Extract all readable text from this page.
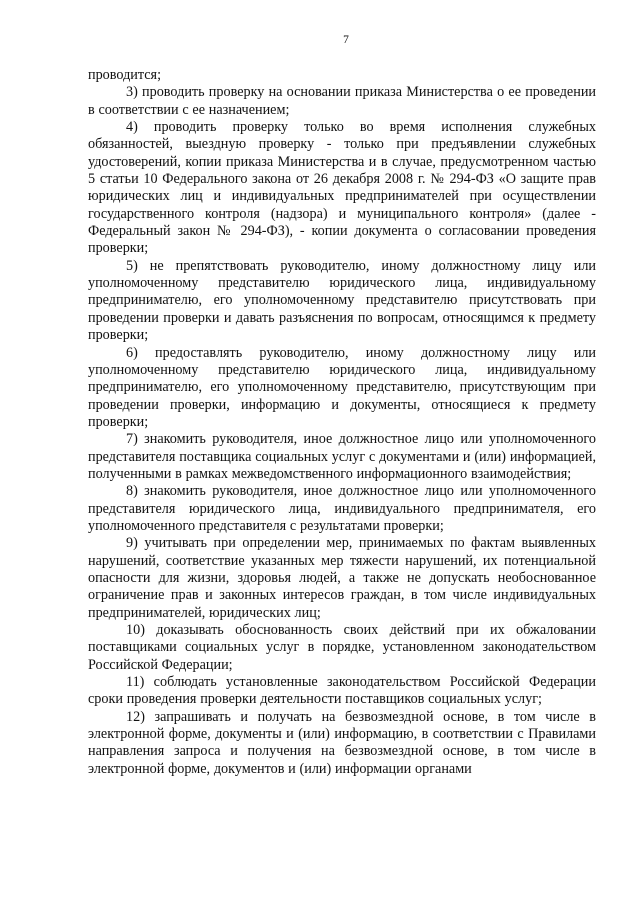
7

проводится;

3) проводить проверку на основании приказа Министерства о ее проведении в соответствии с ее назначением;

4) проводить проверку только во время исполнения служебных обязанностей, выездную проверку - только при предъявлении служебных удостоверений, копии приказа Министерства и в случае, предусмотренном частью 5 статьи 10 Федерального закона от 26 декабря 2008 г. № 294-ФЗ «О защите прав юридических лиц и индивидуальных предпринимателей при осуществлении государственного контроля (надзора) и муниципального контроля» (далее - Федеральный закон № 294-ФЗ), - копии документа о согласовании проведения проверки;

5) не препятствовать руководителю, иному должностному лицу или уполномоченному представителю юридического лица, индивидуальному предпринимателю, его уполномоченному представителю присутствовать при проведении проверки и давать разъяснения по вопросам, относящимся к предмету проверки;

6) предоставлять руководителю, иному должностному лицу или уполномоченному представителю юридического лица, индивидуальному предпринимателю, его уполномоченному представителю, присутствующим при проведении проверки, информацию и документы, относящиеся к предмету проверки;

7) знакомить руководителя, иное должностное лицо или уполномоченного представителя поставщика социальных услуг с документами и (или) информацией, полученными в рамках межведомственного информационного взаимодействия;

8) знакомить руководителя, иное должностное лицо или уполномоченного представителя юридического лица, индивидуального предпринимателя, его уполномоченного представителя с результатами проверки;

9) учитывать при определении мер, принимаемых по фактам выявленных нарушений, соответствие указанных мер тяжести нарушений, их потенциальной опасности для жизни, здоровья людей, а также не допускать необоснованное ограничение прав и законных интересов граждан, в том числе индивидуальных предпринимателей, юридических лиц;

10) доказывать обоснованность своих действий при их обжаловании поставщиками социальных услуг в порядке, установленном законодательством Российской Федерации;

11) соблюдать установленные законодательством Российской Федерации сроки проведения проверки деятельности поставщиков социальных услуг;

12) запрашивать и получать на безвозмездной основе, в том числе в электронной форме, документы и (или) информацию, в соответствии с Правилами направления запроса и получения на безвозмездной основе, в том числе в электронной форме, документов и (или) информации органами
